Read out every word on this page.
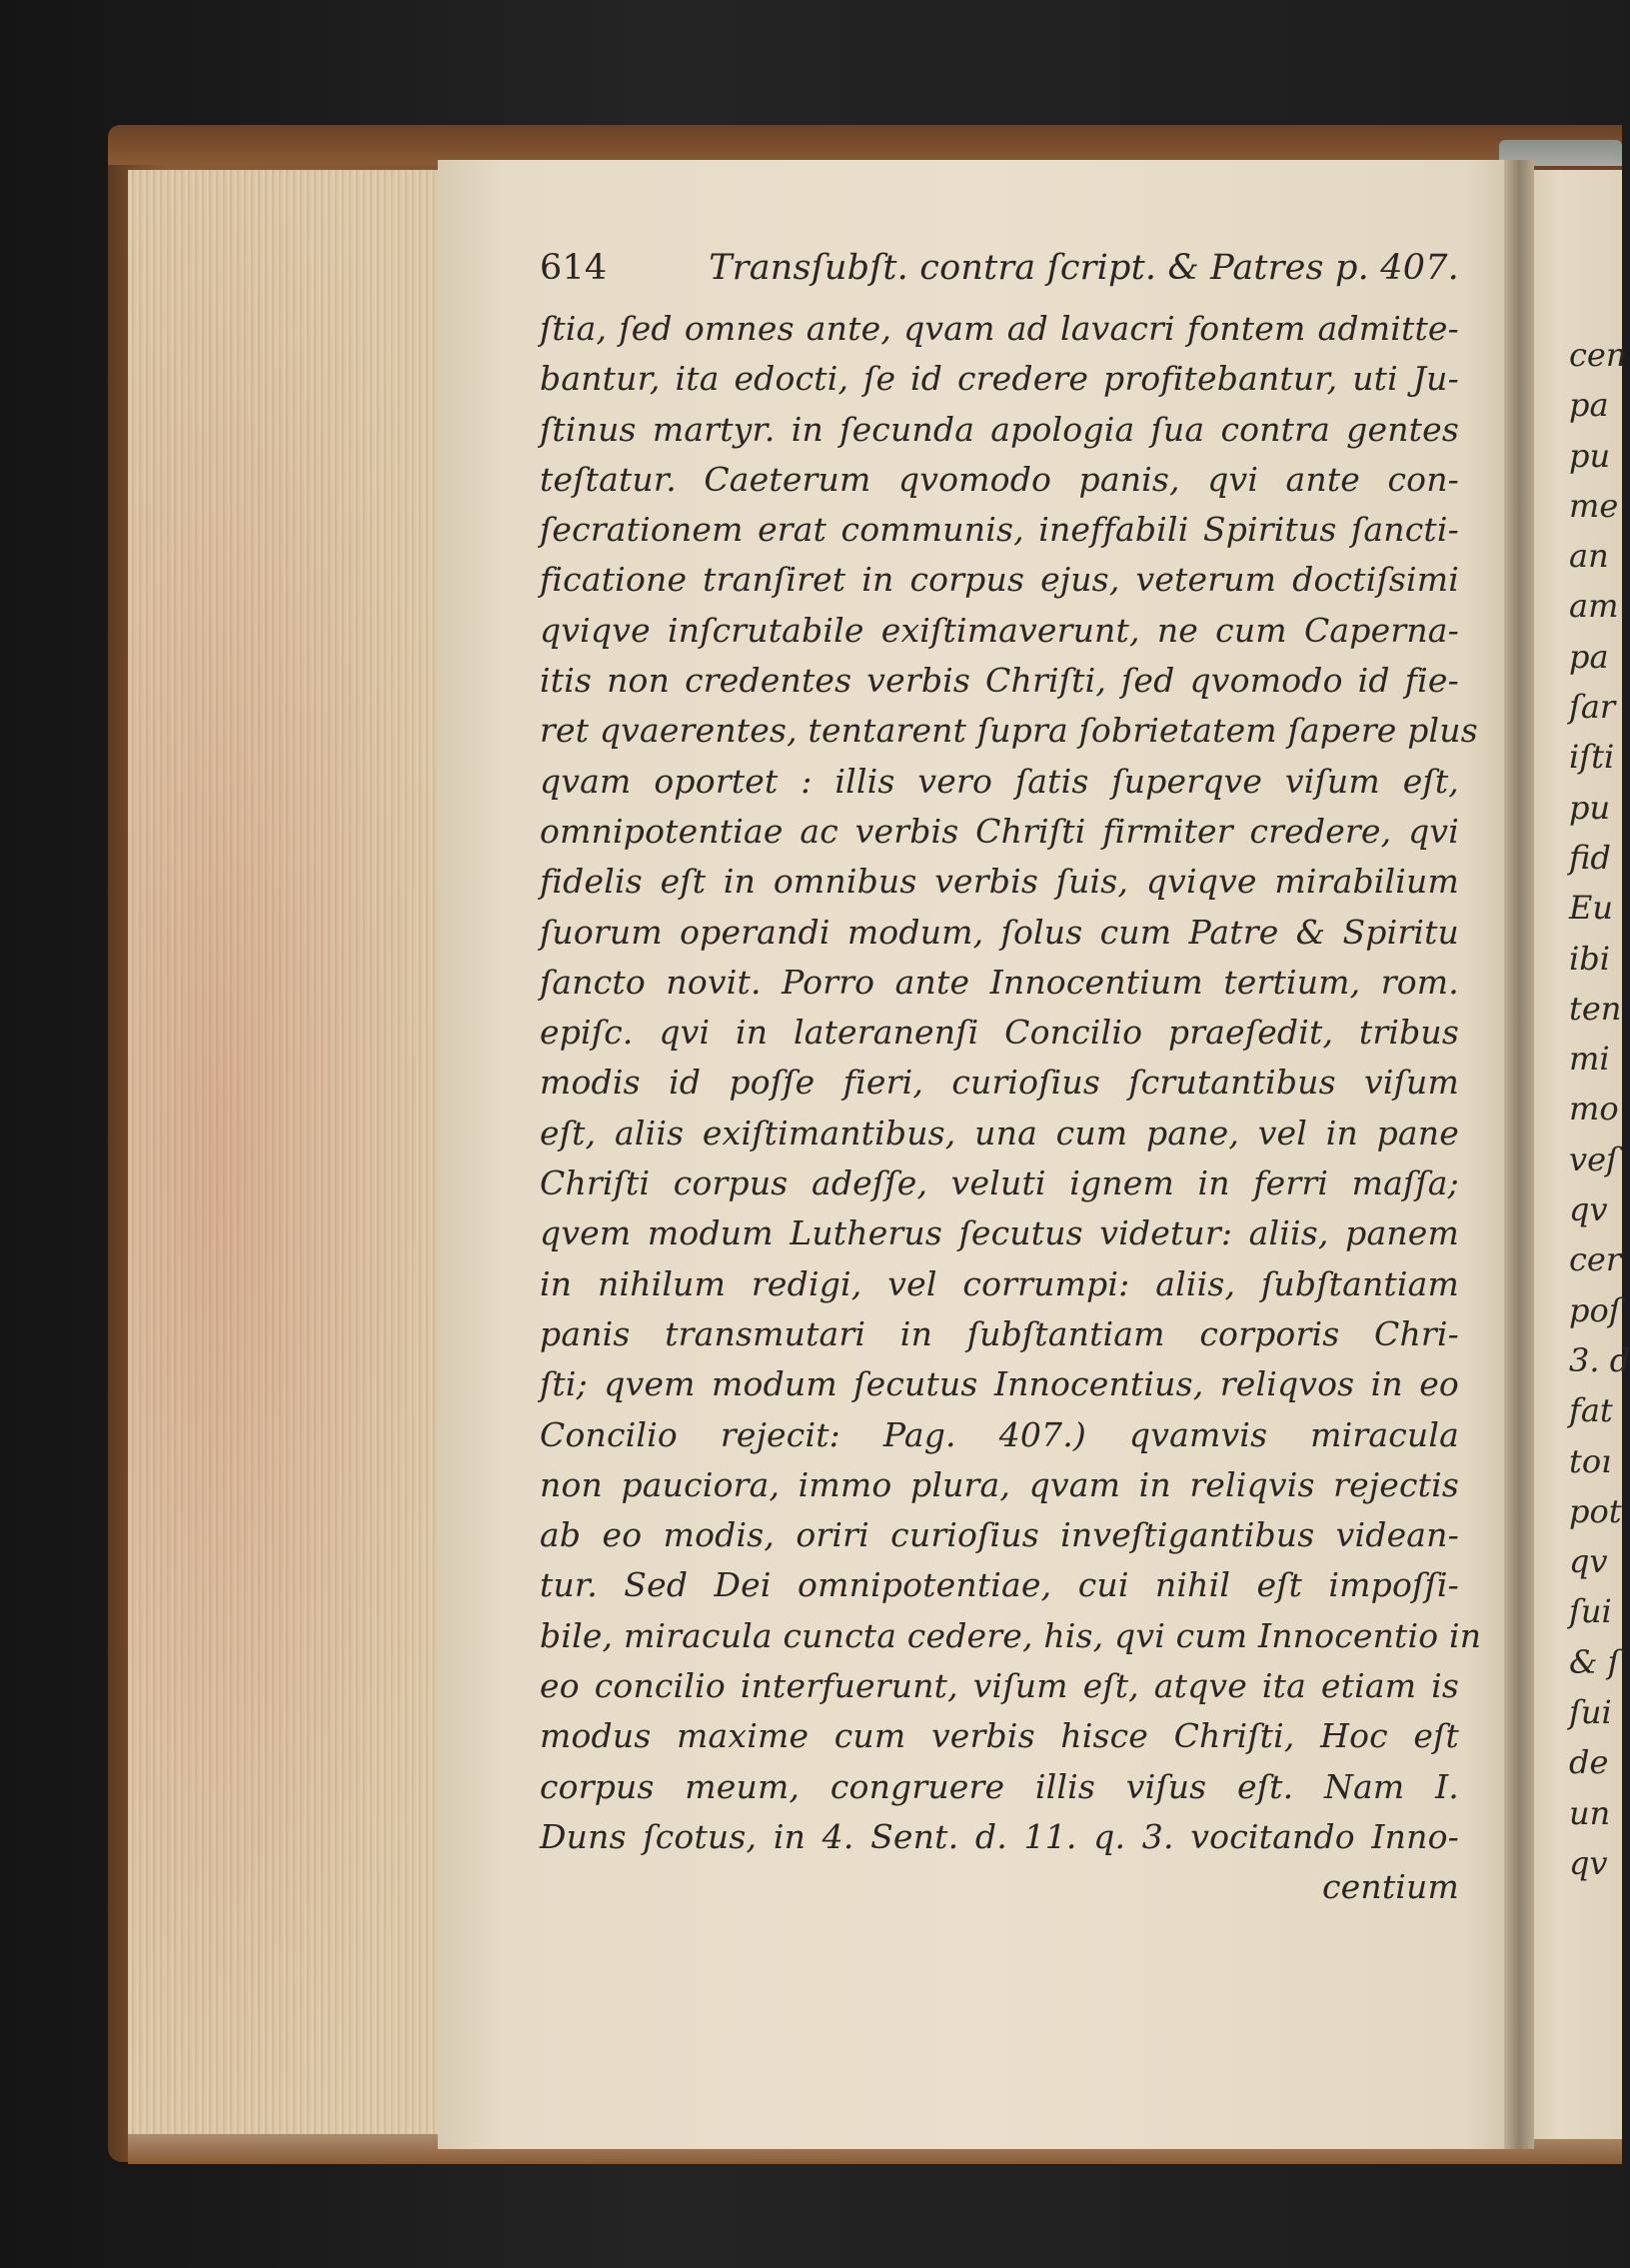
614	Transſubſt. contra ſcript. & Patres p. 407.
ſtia, ſed omnes ante, qvam ad lavacri fontem admitte-
bantur, ita edocti, ſe id credere profitebantur, uti Ju-
ſtinus martyr. in ſecunda apologia ſua contra gentes
teſtatur. Caeterum qvomodo panis, qvi ante con-
ſecrationem erat communis, ineffabili Spiritus ſancti-
ficatione tranſiret in corpus ejus, veterum doctiſsimi
qviqve inſcrutabile exiſtimaverunt, ne cum Caperna-
itis non credentes verbis Chriſti, ſed qvomodo id fie-
ret qvaerentes, tentarent ſupra ſobrietatem ſapere plus
qvam oportet : illis vero ſatis ſuperqve viſum eſt,
omnipotentiae ac verbis Chriſti firmiter credere, qvi
fidelis eſt in omnibus verbis ſuis, qviqve mirabilium
ſuorum operandi modum, ſolus cum Patre & Spiritu
ſancto novit. Porro ante Innocentium tertium, rom.
epiſc. qvi in lateranenſi Concilio praeſedit, tribus
modis id poſſe fieri, curioſius ſcrutantibus viſum
eſt, aliis exiſtimantibus, una cum pane, vel in pane
Chriſti corpus adeſſe, veluti ignem in ferri maſſa;
qvem modum Lutherus ſecutus videtur: aliis, panem
in nihilum redigi, vel corrumpi: aliis, ſubſtantiam
panis transmutari in ſubſtantiam corporis Chri-
ſti; qvem modum ſecutus Innocentius, reliqvos in eo
Concilio rejecit: Pag. 407.) qvamvis miracula
non pauciora, immo plura, qvam in reliqvis rejectis
ab eo modis, oriri curioſius inveſtigantibus videan-
tur. Sed Dei omnipotentiae, cui nihil eſt impoſſi-
bile, miracula cuncta cedere, his, qvi cum Innocentio in
eo concilio interfuerunt, viſum eſt, atqve ita etiam is
modus maxime cum verbis hisce Chriſti, Hoc eſt
corpus meum, congruere illis viſus eſt. Nam I.
Duns ſcotus, in 4. Sent. d. 11. q. 3. vocitando Inno-
centium
cen
pa
pu
me
an
am
pa
ſar
iſti
pu
fid
Eu
ibi
ten
mi
mo
veſ
qv
cer
poſ
3. d
fat
toı
pot
qv
ſui
& ſ
ſui
de
un
qv
